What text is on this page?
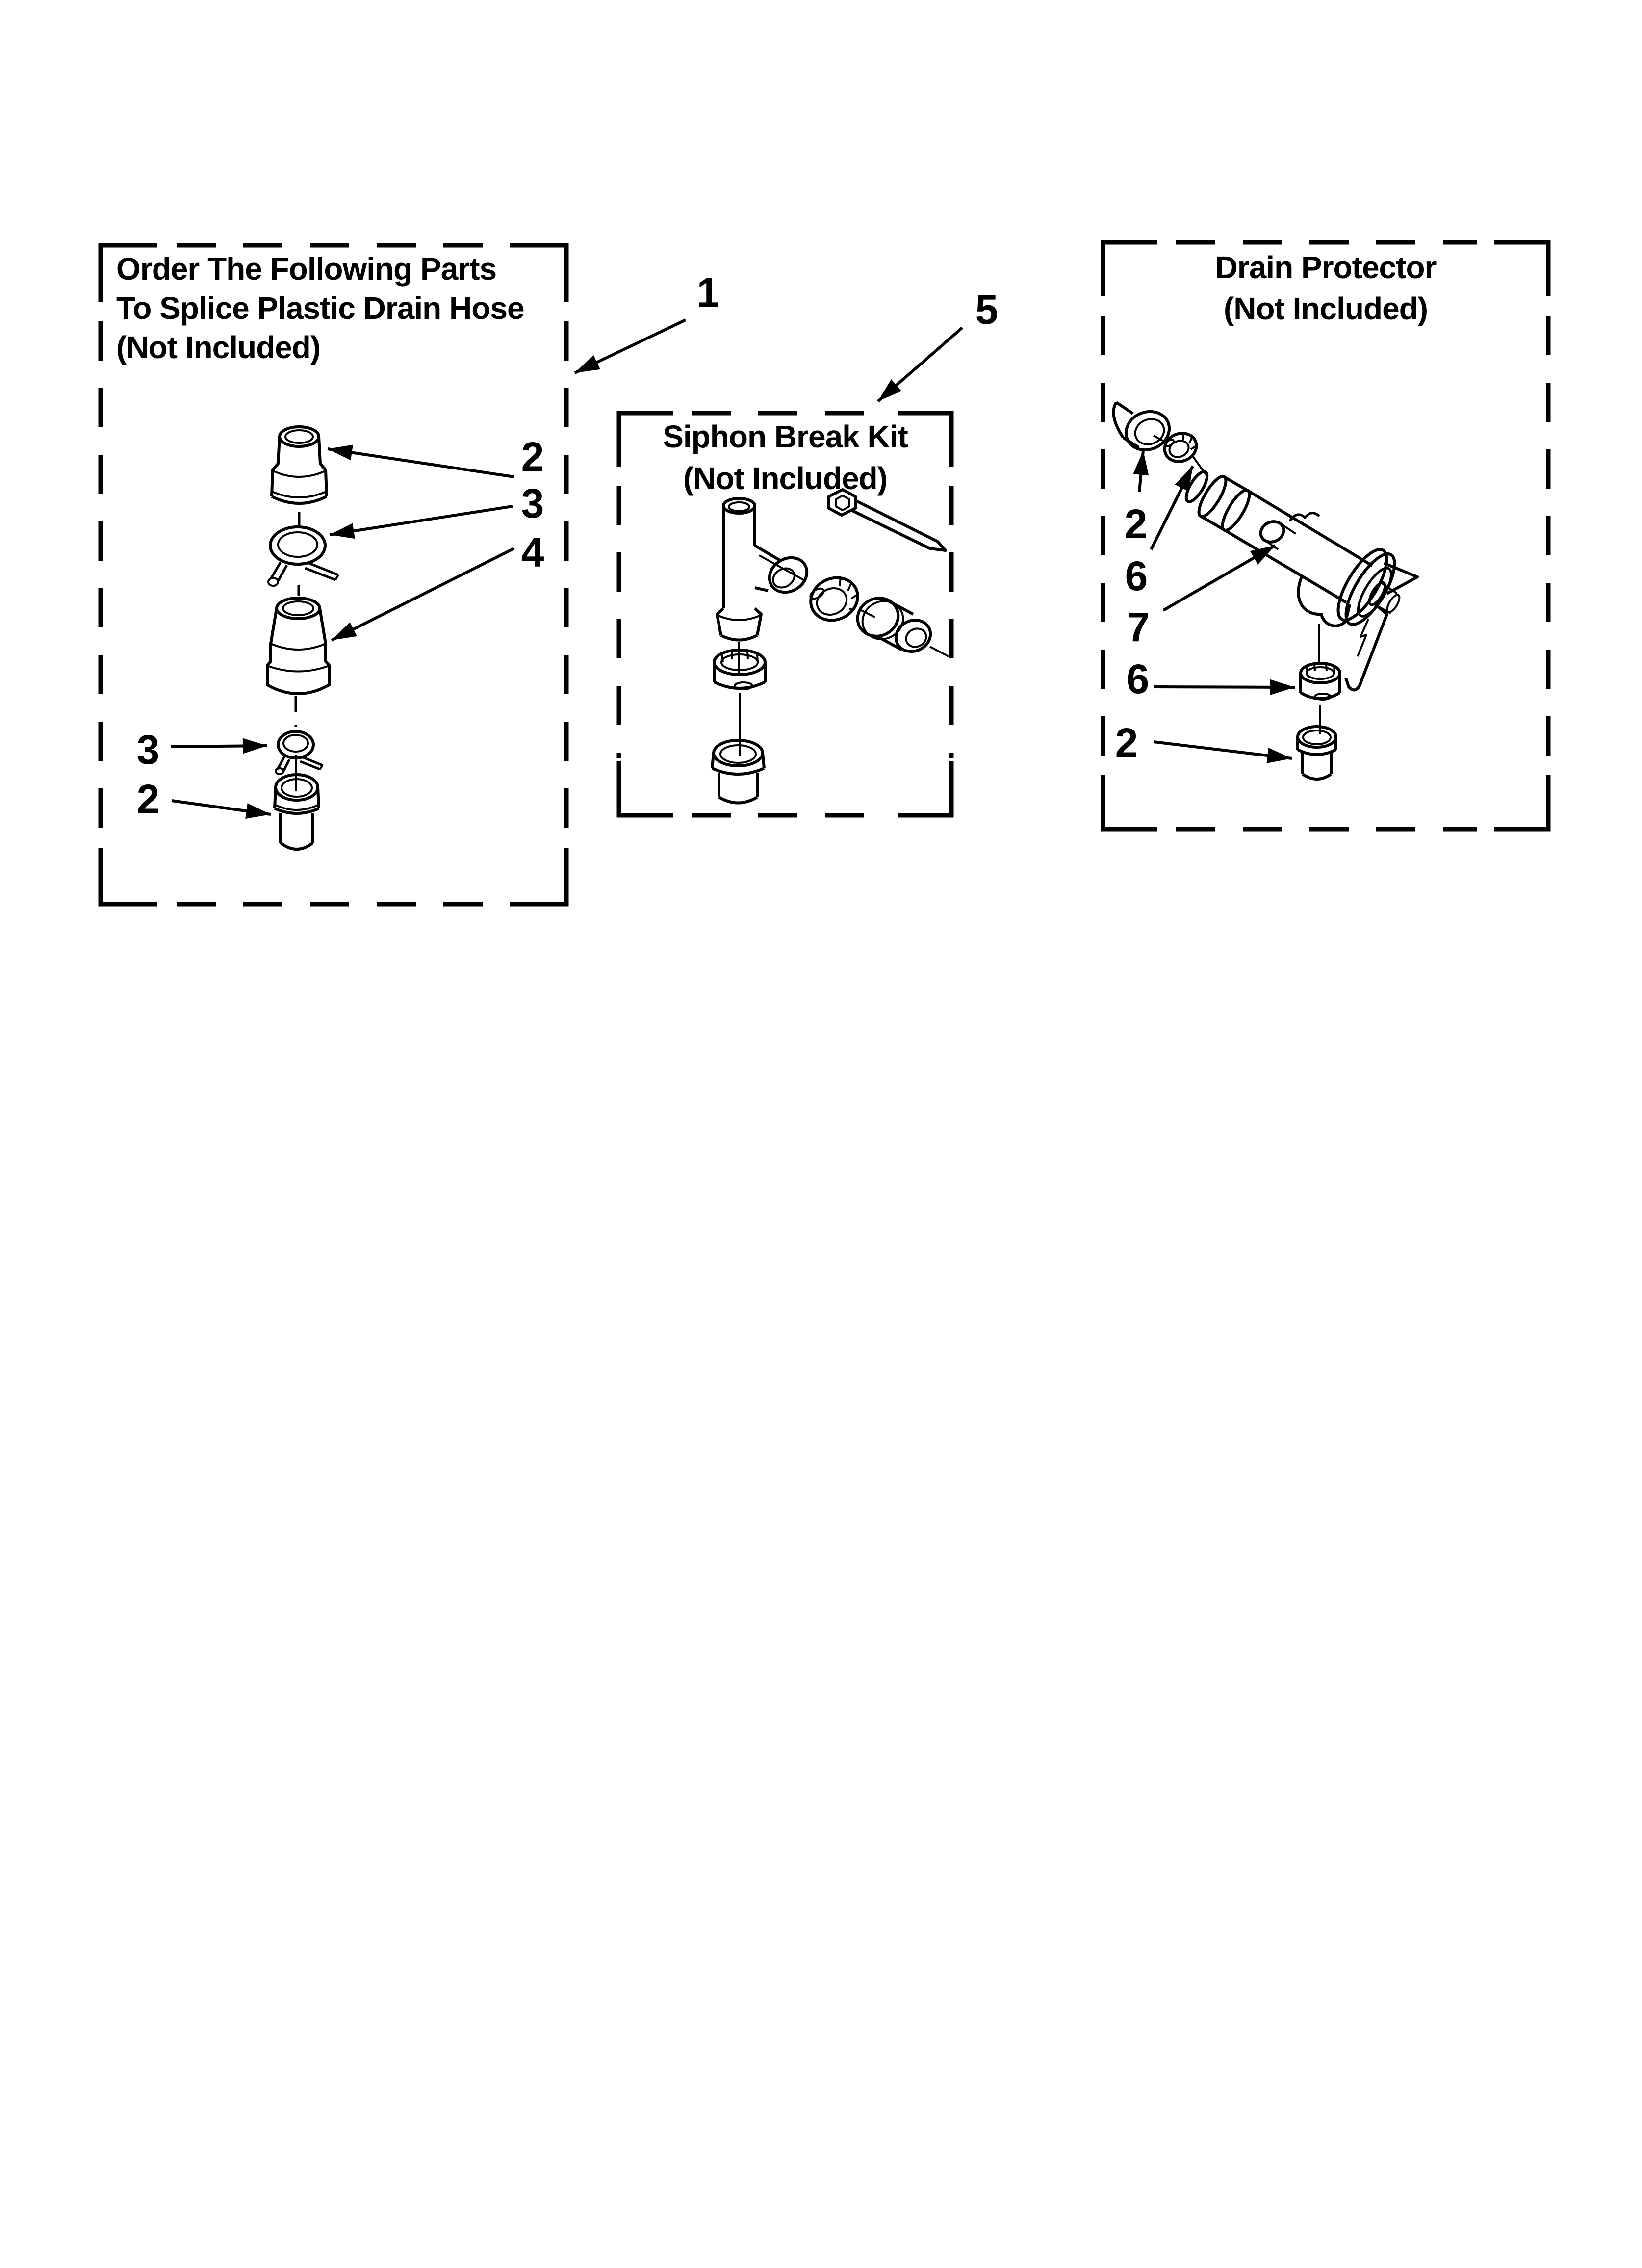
Order The Following Parts
To Splice Plastic Drain Hose
(Not Included)
2
3
4
3
2
1	5
Siphon Break Kit
(Not Included)
Drain Protector
(Not Included)
2
6
7
6
2
